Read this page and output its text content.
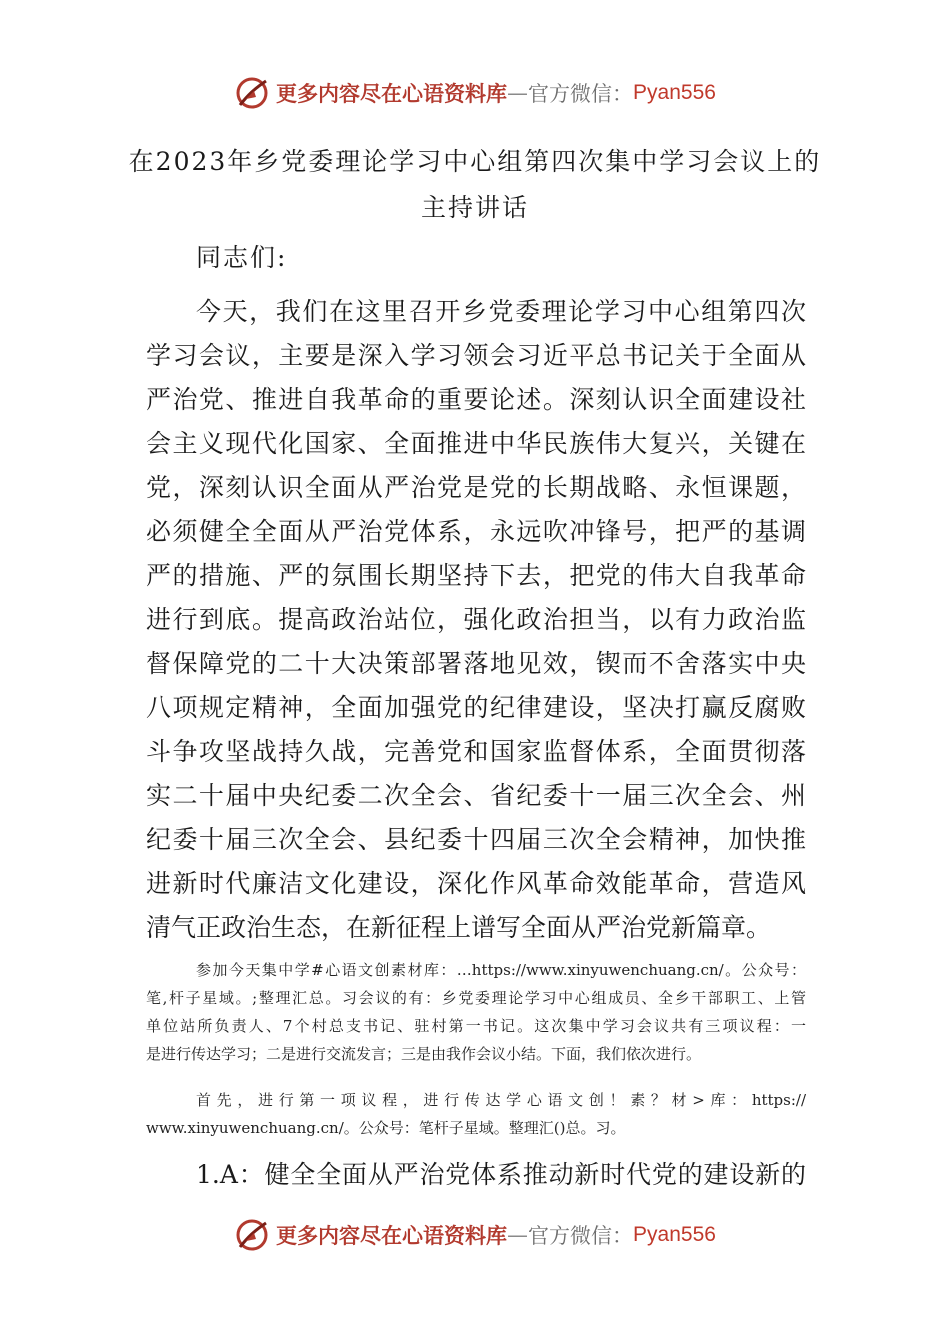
更多内容尽在心语资料库 — 官方微信： Pyan556
在2023年乡党委理论学习中心组第四次集中学习会议上的
主持讲话
同志们:
今天，我们在这里召开乡党委理论学习中心组第四次
学习会议，主要是深入学习领会习近平总书记关于全面从
严治党、推进自我革命的重要论述。深刻认识全面建设社
会主义现代化国家、全面推进中华民族伟大复兴，关键在
党，深刻认识全面从严治党是党的长期战略、永恒课题，
必须健全全面从严治党体系，永远吹冲锋号，把严的基调
严的措施、严的氛围长期坚持下去，把党的伟大自我革命
进行到底。提高政治站位，强化政治担当，以有力政治监
督保障党的二十大决策部署落地见效，锲而不舍落实中央
八项规定精神，全面加强党的纪律建设，坚决打赢反腐败
斗争攻坚战持久战，完善党和国家监督体系，全面贯彻落
实二十届中央纪委二次全会、省纪委十一届三次全会、州
纪委十届三次全会、县纪委十四届三次全会精神，加快推
进新时代廉洁文化建设，深化作风革命效能革命，营造风
清气正政治生态，在新征程上谱写全面从严治党新篇章。
参加今天集中学#心语文创素材库：…https://www.xinyuwenchuang.cn/。公众号：
笔,杆子星域。;整理汇总。习会议的有：乡党委理论学习中心组成员、全乡干部职工、上管
单位站所负责人、7个村总支书记、驻村第一书记。这次集中学习会议共有三项议程：一
是进行传达学习；二是进行交流发言；三是由我作会议小结。下面，我们依次进行。
首先，进行第一项议程，进行传达学心语文创！素？材>库：https://
www.xinyuwenchuang.cn/。公众号：笔杆子星域。整理汇()总。习。
1.A：健全全面从严治党体系推动新时代党的建设新的
更多内容尽在心语资料库 — 官方微信： Pyan556
